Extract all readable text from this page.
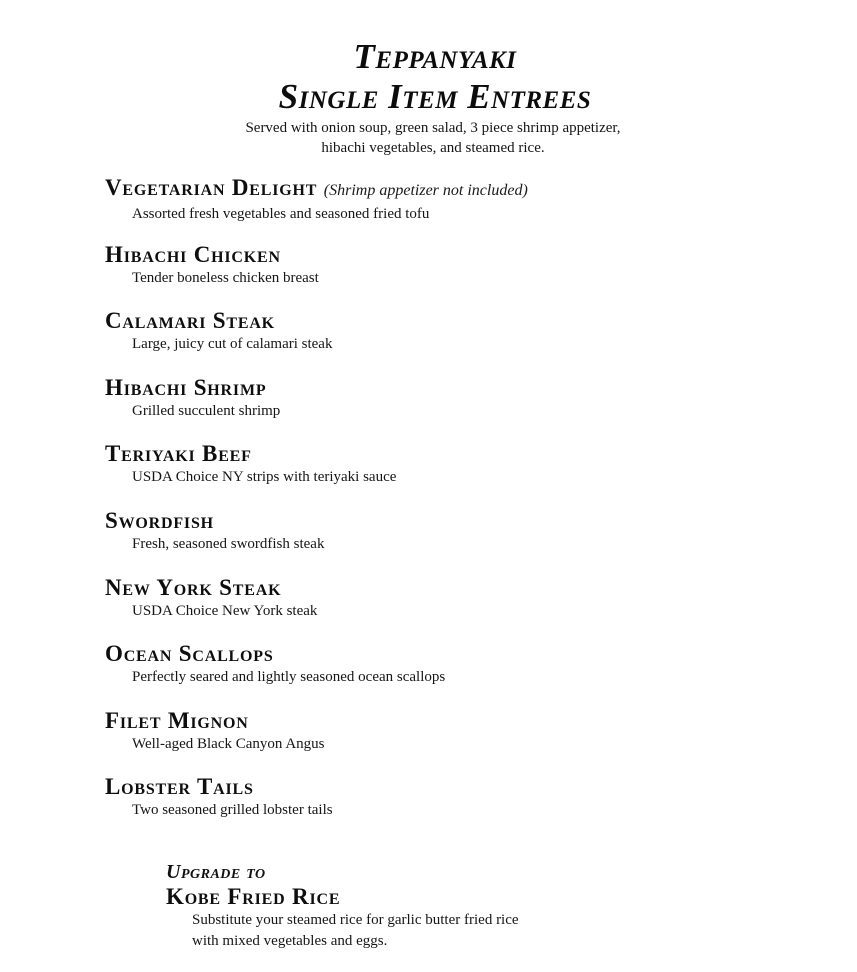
Teppanyaki
Single Item Entrees
Served with onion soup, green salad, 3 piece shrimp appetizer,
hibachi vegetables, and steamed rice.
Vegetarian Delight (Shrimp appetizer not included)
Assorted fresh vegetables and seasoned fried tofu
Hibachi Chicken
Tender boneless chicken breast
Calamari Steak
Large, juicy cut of calamari steak
Hibachi Shrimp
Grilled succulent shrimp
Teriyaki Beef
USDA Choice NY strips with teriyaki sauce
Swordfish
Fresh, seasoned swordfish steak
New York Steak
USDA Choice New York steak
Ocean Scallops
Perfectly seared and lightly seasoned ocean scallops
Filet Mignon
Well-aged Black Canyon Angus
Lobster Tails
Two seasoned grilled lobster tails
Upgrade to
Kobe Fried Rice
Substitute your steamed rice for garlic butter fried rice
with mixed vegetables and eggs.
